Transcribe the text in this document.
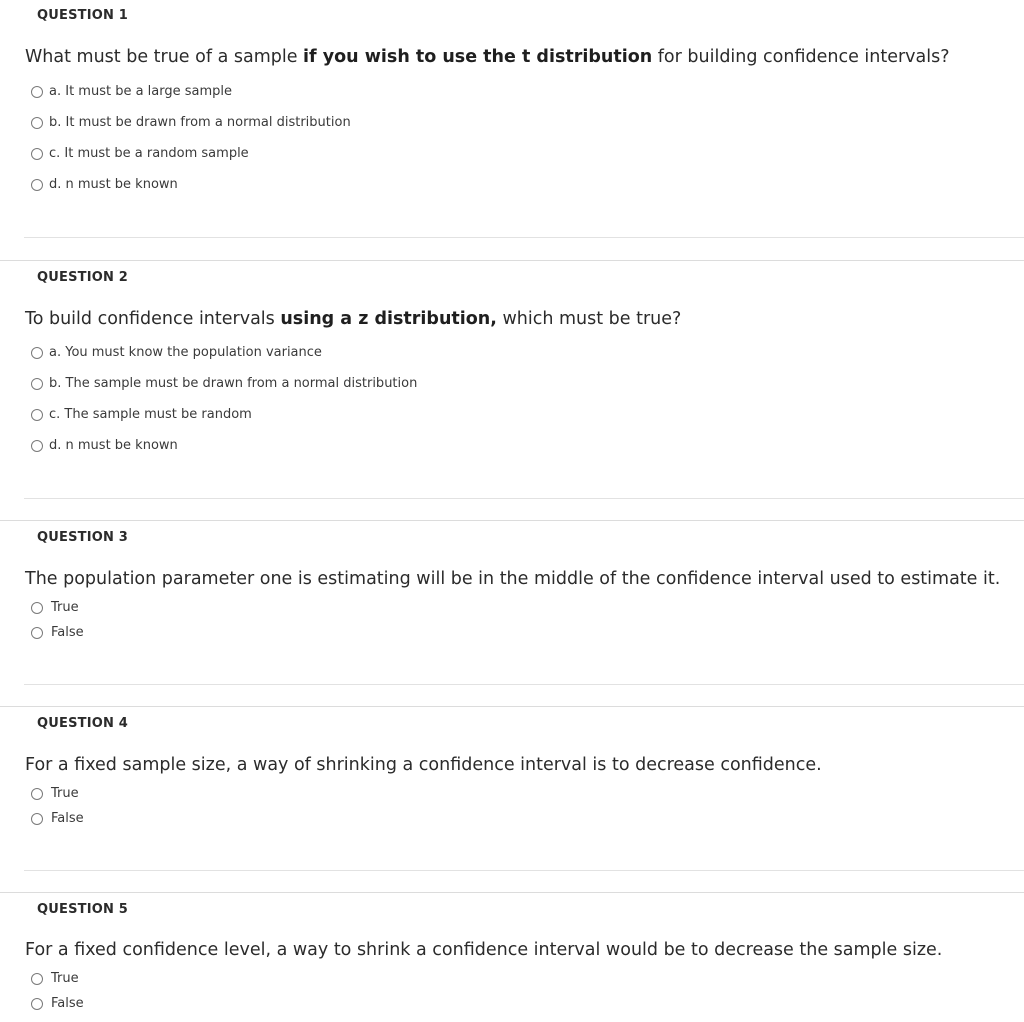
QUESTION 1
What must be true of a sample if you wish to use the t distribution for building confidence intervals?
a. It must be a large sample
b. It must be drawn from a normal distribution
c. It must be a random sample
d. n must be known
QUESTION 2
To build confidence intervals using a z distribution, which must be true?
a. You must know the population variance
b. The sample must be drawn from a normal distribution
c. The sample must be random
d. n must be known
QUESTION 3
The population parameter one is estimating will be in the middle of the confidence interval used to estimate it.
True
False
QUESTION 4
For a fixed sample size, a way of shrinking a confidence interval is to decrease confidence.
True
False
QUESTION 5
For a fixed confidence level, a way to shrink a confidence interval would be to decrease the sample size.
True
False
